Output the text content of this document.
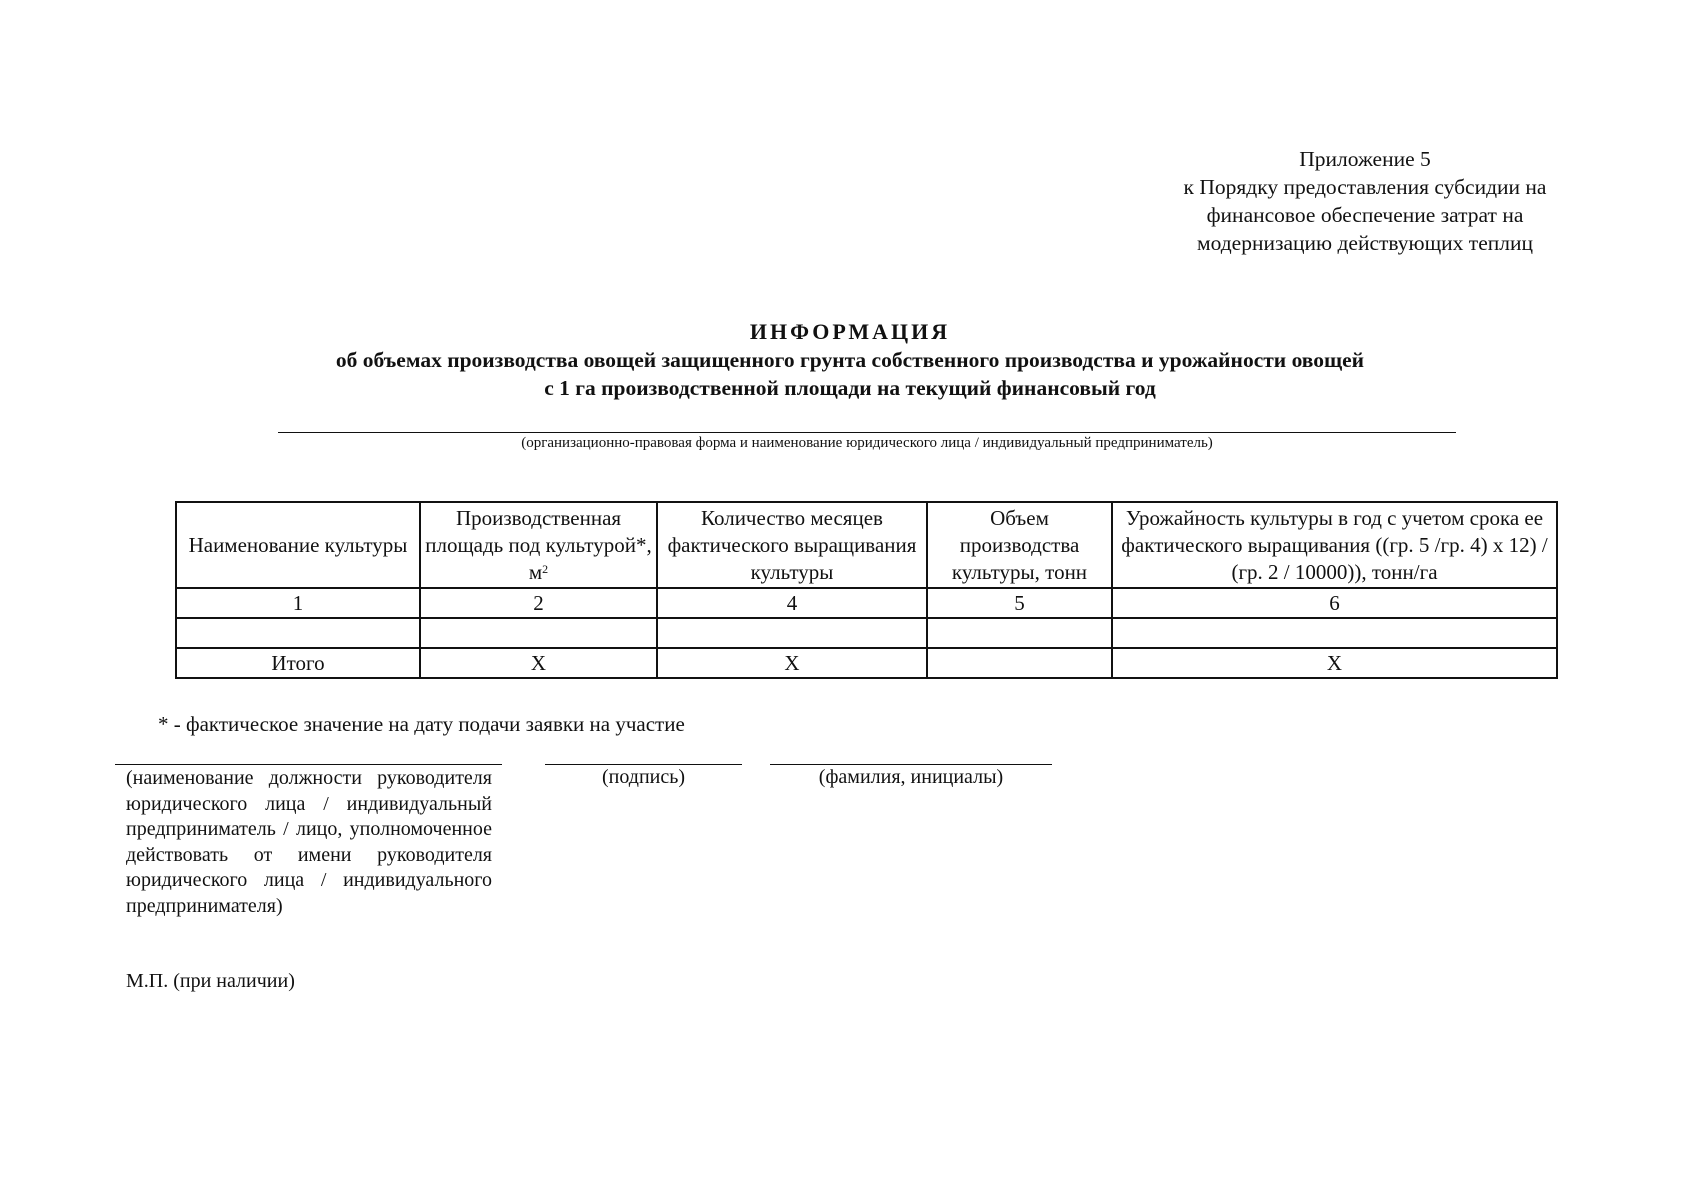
Приложение 5
к Порядку предоставления субсидии на
финансовое обеспечение затрат на
модернизацию действующих теплиц
ИНФОРМАЦИЯ
об объемах производства овощей защищенного грунта собственного производства и урожайности овощей
с 1 га производственной площади на текущий финансовый год
(организационно-правовая форма и наименование юридического лица / индивидуальный предприниматель)
Наименование культуры	Производственная площадь под культурой*, $м^2$	Количество месяцев фактического выращивания культуры	Объем производства культуры, тонн	Урожайность культуры в год с учетом срока ее фактического выращивания ((гр. 5 /гр. 4) х 12) / (гр. 2 / 10000)), тонн/га
1	2	4	5	6

Итого	X	X		X
* - фактическое значение на дату подачи заявки на участие
(наименование должности руководителя юридического лица / индивидуальный предприниматель / лицо, уполномоченное действовать от имени руководителя юридического лица / индивидуального предпринимателя)
(подпись)	(фамилия, инициалы)
М.П. (при наличии)
